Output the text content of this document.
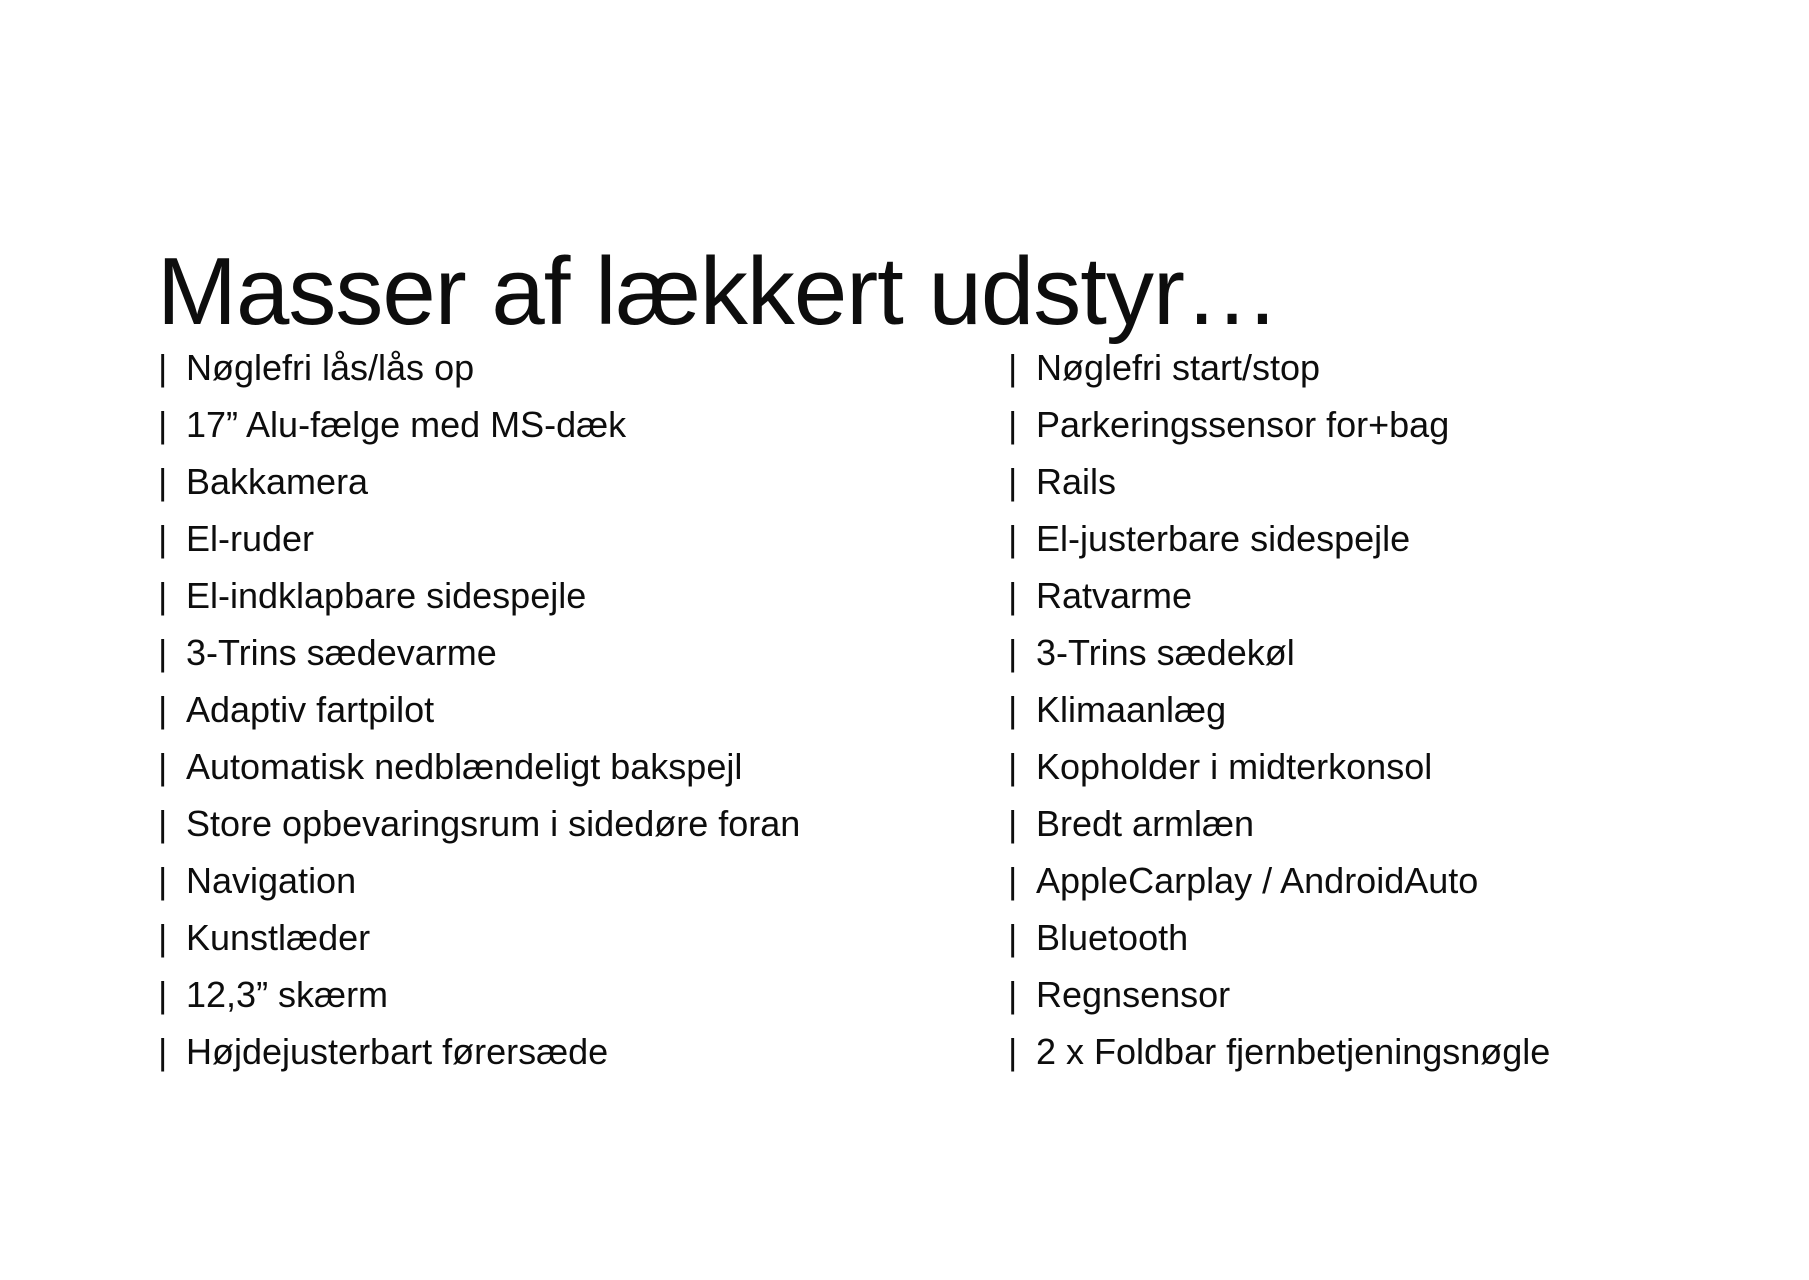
Masser af lækkert udstyr…
| Nøglefri lås/lås op
| 17” Alu-fælge med MS-dæk
| Bakkamera
| El-ruder
| El-indklapbare sidespejle
| 3-Trins sædevarme
| Adaptiv fartpilot
| Automatisk nedblændeligt bakspejl
| Store opbevaringsrum i sidedøre foran
| Navigation
| Kunstlæder
| 12,3” skærm
| Højdejusterbart førersæde
| Nøglefri start/stop
| Parkeringssensor for+bag
| Rails
| El-justerbare sidespejle
| Ratvarme
| 3-Trins sædekøl
| Klimaanlæg
| Kopholder i midterkonsol
| Bredt armlæn
| AppleCarplay / AndroidAuto
| Bluetooth
| Regnsensor
| 2 x Foldbar fjernbetjeningsnøgle
